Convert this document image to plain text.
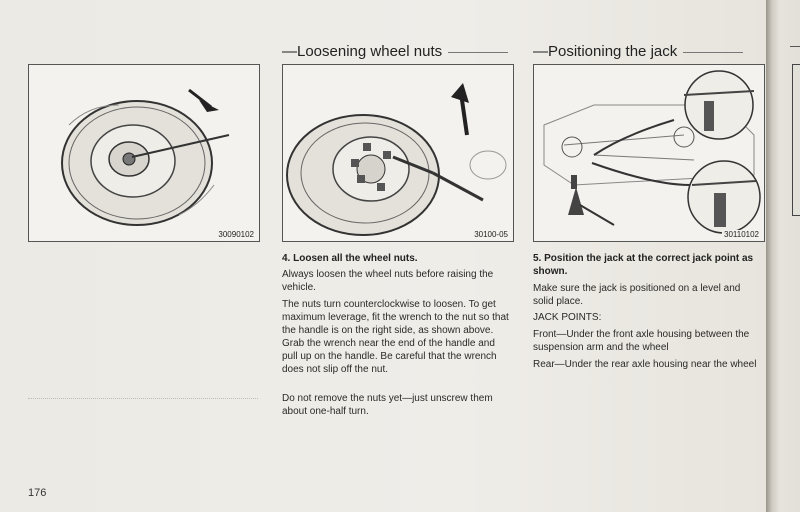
30090102
—Loosening wheel nuts
30100-05
4. Loosen all the wheel nuts.
Always loosen the wheel nuts before raising the vehicle.
The nuts turn counterclockwise to loosen. To get maximum leverage, fit the wrench to the nut so that the handle is on the right side, as shown above. Grab the wrench near the end of the handle and pull up on the handle. Be careful that the wrench does not slip off the nut.
Do not remove the nuts yet—just unscrew them about one-half turn.
—Positioning the jack
30110102
5. Position the jack at the correct jack point as shown.
Make sure the jack is positioned on a level and solid place.
JACK POINTS:
Front—Under the front axle housing between the suspension arm and the wheel
Rear—Under the rear axle housing near the wheel
176
